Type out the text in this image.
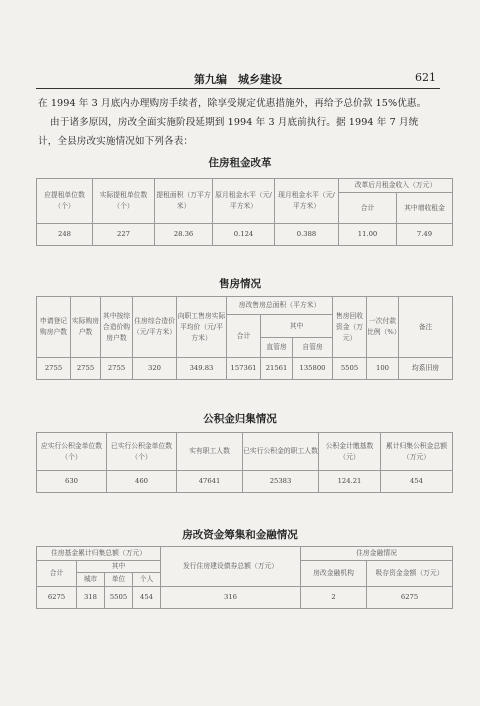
第九编　城乡建设	621
在 1994 年 3 月底内办理购房手续者，除享受规定优惠措施外，再给予总价款 15%优惠。
由于诸多原因，房改全面实施阶段延期到 1994 年 3 月底前执行。据 1994 年 7 月统
计，全县房改实施情况如下列各表：
住房租金改革
应提租单位数（个）	实际提租单位数（个）	提租面积（万平方米）	原月租金水平（元/平方米）	现月租金水平（元/平方米）	改革后月租金收入（万元）	
					合计	其中增收租金
248	227	28.36	0.124	0.388	11.00	7.49
售房情况
申请登记购房户数	实际购房户数	其中按综合造价购房户数	住房综合造价（元/平方米）	向职工售房实际平均价（元/平方米）	房改售房总面积（平方米）			售房回收资金（万元）	一次付款比例（%）	备注
					合计	其中				
						直管房	自管房			
2755	2755	2755	320	349.83	157361	21561	135800	5505	100	均系旧房
公积金归集情况
应实行公积金单位数（个）	已实行公积金单位数（个）	实有职工人数	已实行公积金的职工人数	公积金计缴基数（元）	累计归集公积金总额（万元）
630	460	47641	25383	124.21	454
房改资金筹集和金融情况
住房基金累计归集总额（万元）				发行住房建设债券总额（万元）	住房金融情况	
合计	其中				房改金融机构	吸存资金金额（万元）
	城市	单位	个人			
6275	318	5505	454	316	2	6275
